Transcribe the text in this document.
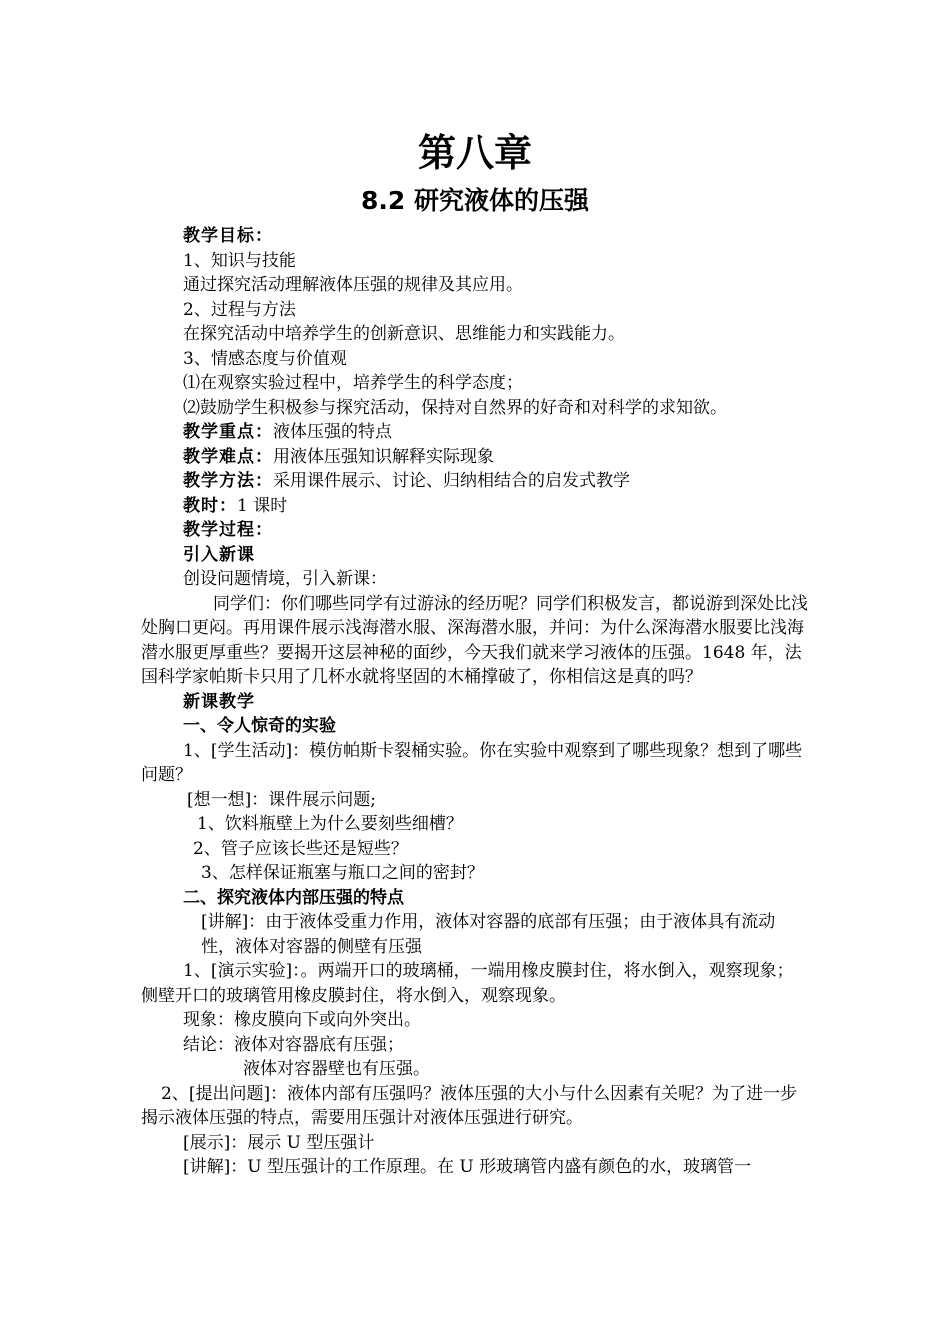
第八章
8.2 研究液体的压强

教学目标：

1、知识与技能

通过探究活动理解液体压强的规律及其应用。

2、过程与方法

在探究活动中培养学生的创新意识、思维能力和实践能力。

3、情感态度与价值观

⑴在观察实验过程中，培养学生的科学态度；

⑵鼓励学生积极参与探究活动，保持对自然界的好奇和对科学的求知欲。

教学重点：液体压强的特点

教学难点：用液体压强知识解释实际现象

教学方法：采用课件展示、讨论、归纳相结合的启发式教学

教时：1 课时

教学过程：

引入新课

创设问题情境，引入新课：

同学们：你们哪些同学有过游泳的经历呢？同学们积极发言，都说游到深处比浅处胸口更闷。再用课件展示浅海潜水服、深海潜水服，并问：为什么深海潜水服要比浅海潜水服更厚重些？要揭开这层神秘的面纱，今天我们就来学习液体的压强。1648 年，法国科学家帕斯卡只用了几杯水就将坚固的木桶撑破了，你相信这是真的吗？

新课教学

一、令人惊奇的实验

1、[学生活动]：模仿帕斯卡裂桶实验。你在实验中观察到了哪些现象？想到了哪些问题？

[想一想]：课件展示问题;

1、饮料瓶壁上为什么要刻些细槽？

2、管子应该长些还是短些？

3、怎样保证瓶塞与瓶口之间的密封？

二、探究液体内部压强的特点

[讲解]：由于液体受重力作用，液体对容器的底部有压强；由于液体具有流动性，液体对容器的侧壁有压强

1、[演示实验]：。两端开口的玻璃桶，一端用橡皮膜封住，将水倒入，观察现象；侧壁开口的玻璃管用橡皮膜封住，将水倒入，观察现象。

现象：橡皮膜向下或向外突出。

结论：液体对容器底有压强；

液体对容器壁也有压强。

2、[提出问题]：液体内部有压强吗？液体压强的大小与什么因素有关呢？为了进一步揭示液体压强的特点，需要用压强计对液体压强进行研究。

[展示]：展示 U 型压强计

[讲解]：U 型压强计的工作原理。在 U 形玻璃管内盛有颜色的水，玻璃管一
